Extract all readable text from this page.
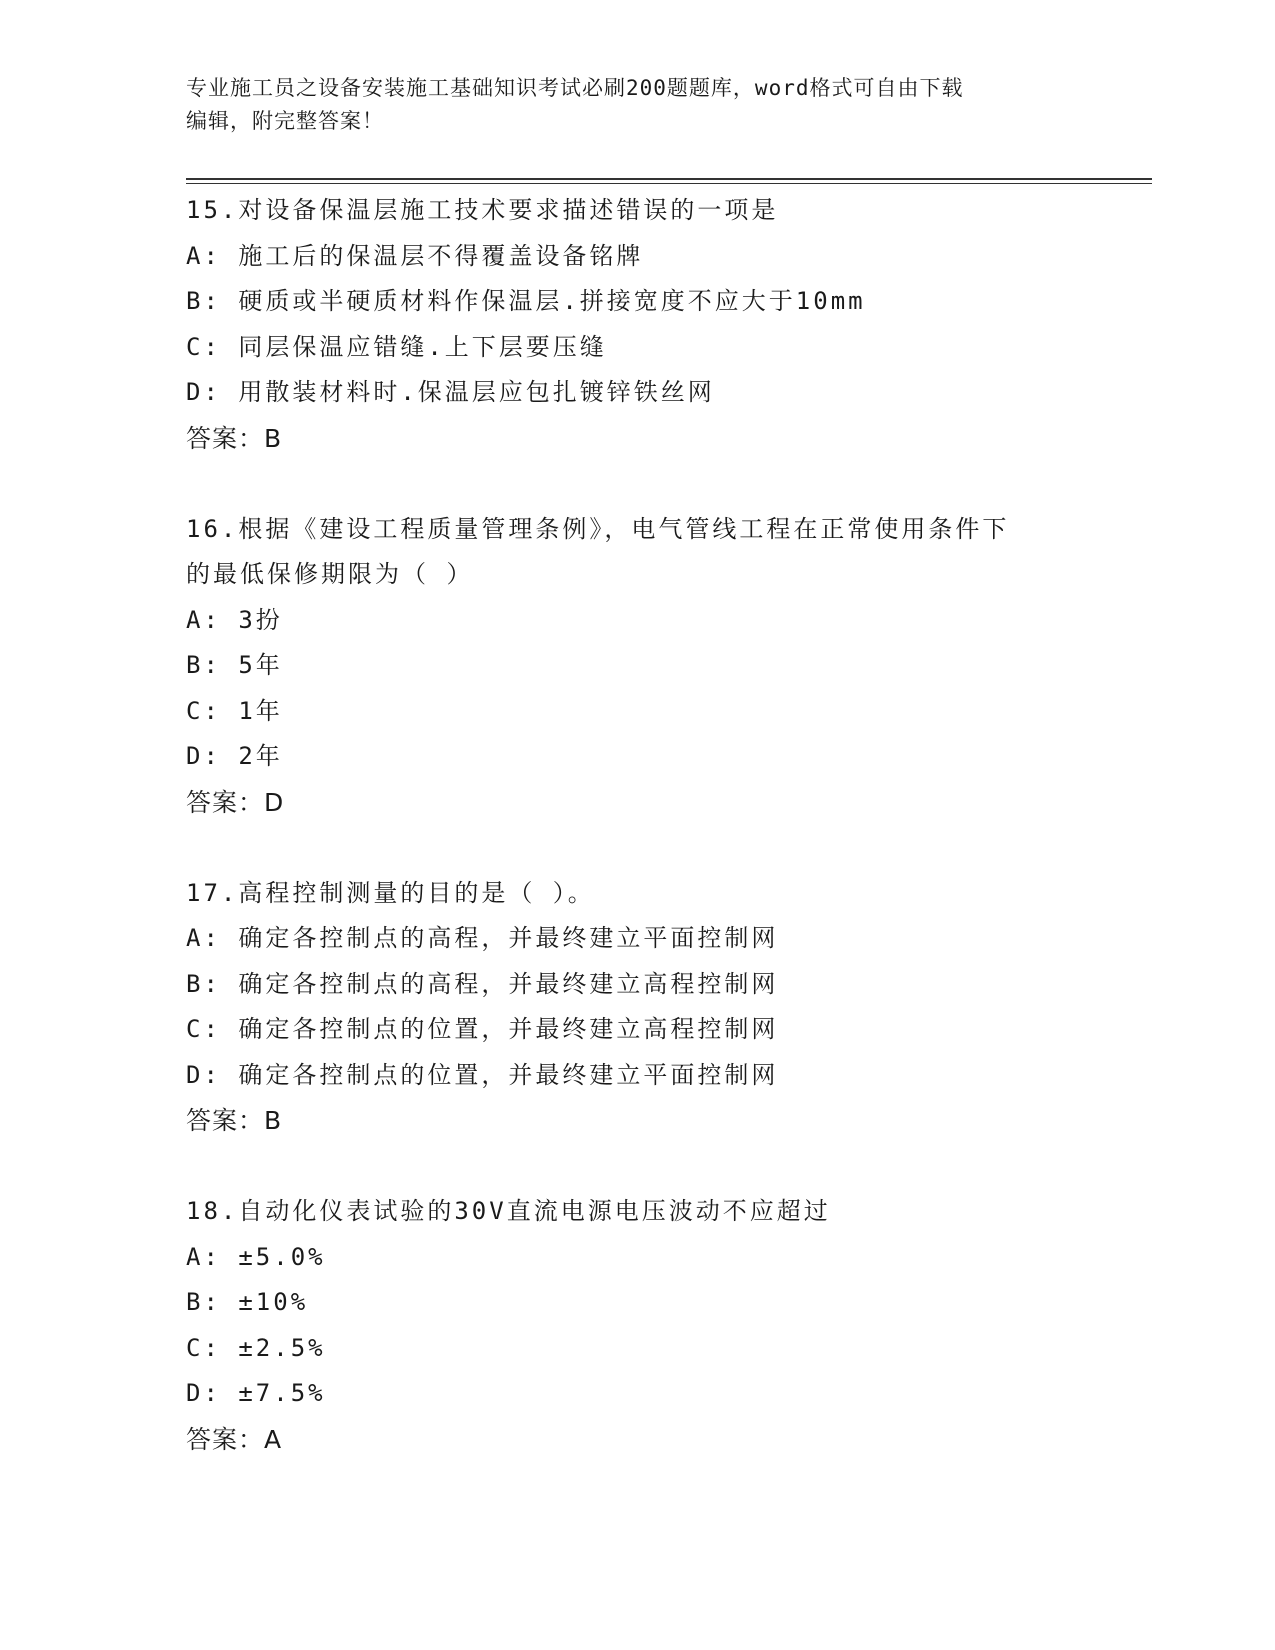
专业施工员之设备安装施工基础知识考试必刷200题题库，word格式可自由下载
编辑，附完整答案！
15.对设备保温层施工技术要求描述错误的一项是
A: 施工后的保温层不得覆盖设备铭牌
B: 硬质或半硬质材料作保温层.拼接宽度不应大于10mm
C: 同层保温应错缝.上下层要压缝
D: 用散装材料时.保温层应包扎镀锌铁丝网
答案：B
16.根据《建设工程质量管理条例》，电气管线工程在正常使用条件下
的最低保修期限为（ ）
A: 3扮
B: 5年
C: 1年
D: 2年
答案：D
17.高程控制测量的目的是（ ）。
A: 确定各控制点的高程，并最终建立平面控制网
B: 确定各控制点的高程，并最终建立高程控制网
C: 确定各控制点的位置，并最终建立高程控制网
D: 确定各控制点的位置，并最终建立平面控制网
答案：B
18.自动化仪表试验的30V直流电源电压波动不应超过
A: ±5.0%
B: ±10%
C: ±2.5%
D: ±7.5%
答案：A
